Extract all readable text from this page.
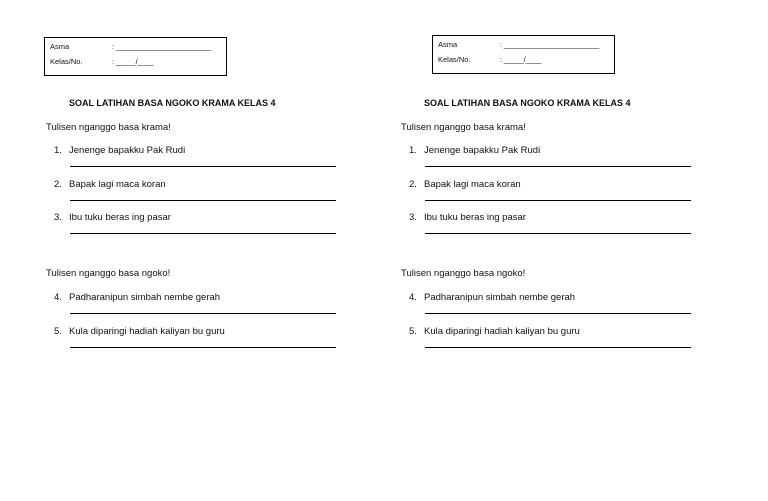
Asma	: ________________________
Kelas/No.	: _____/____
SOAL LATIHAN BASA NGOKO KRAMA KELAS 4
Tulisen nganggo basa krama!
1. Jenenge bapakku Pak Rudi
2. Bapak lagi maca koran
3. Ibu tuku beras ing pasar
Tulisen nganggo basa ngoko!
4. Padharanipun simbah nembe gerah
5. Kula diparingi hadiah kaliyan bu guru
Asma	: ________________________
Kelas/No.	: _____/____
SOAL LATIHAN BASA NGOKO KRAMA KELAS 4
Tulisen nganggo basa krama!
1. Jenenge bapakku Pak Rudi
2. Bapak lagi maca koran
3. Ibu tuku beras ing pasar
Tulisen nganggo basa ngoko!
4. Padharanipun simbah nembe gerah
5. Kula diparingi hadiah kaliyan bu guru
